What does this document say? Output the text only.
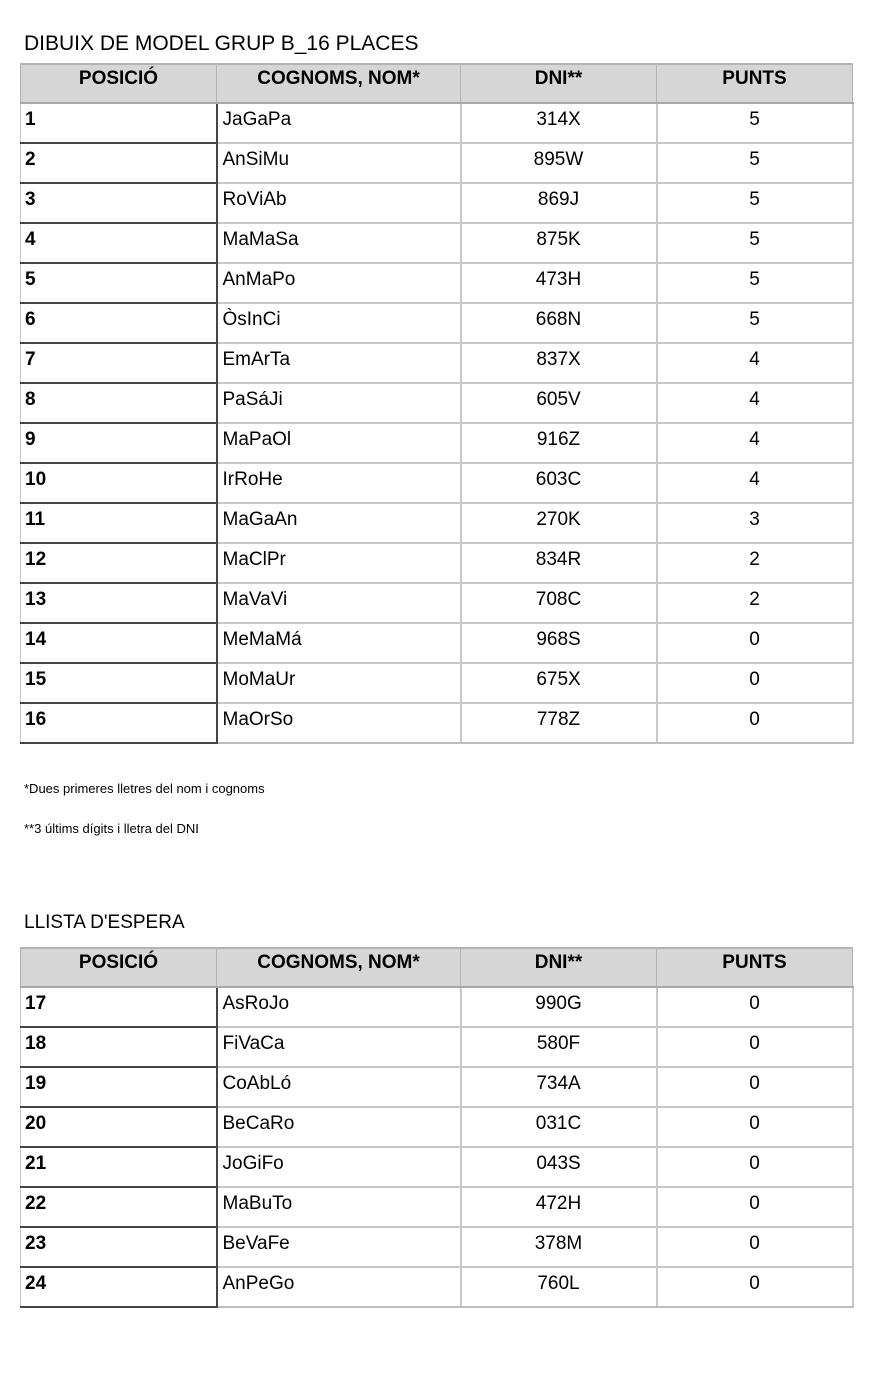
DIBUIX DE MODEL GRUP B_16 PLACES
POSICIÓ	COGNOMS, NOM*	DNI**	PUNTS
1	JaGaPa	314X	5
2	AnSiMu	895W	5
3	RoViAb	869J	5
4	MaMaSa	875K	5
5	AnMaPo	473H	5
6	ÒsInCi	668N	5
7	EmArTa	837X	4
8	PaSáJi	605V	4
9	MaPaOl	916Z	4
10	IrRoHe	603C	4
11	MaGaAn	270K	3
12	MaClPr	834R	2
13	MaVaVi	708C	2
14	MeMaMá	968S	0
15	MoMaUr	675X	0
16	MaOrSo	778Z	0

*Dues primeres lletres del nom i cognoms

**3 últims dígits i lletra del DNI

LLISTA D'ESPERA
POSICIÓ	COGNOMS, NOM*	DNI**	PUNTS
17	AsRoJo	990G	0
18	FiVaCa	580F	0
19	CoAbLó	734A	0
20	BeCaRo	031C	0
21	JoGiFo	043S	0
22	MaBuTo	472H	0
23	BeVaFe	378M	0
24	AnPeGo	760L	0
